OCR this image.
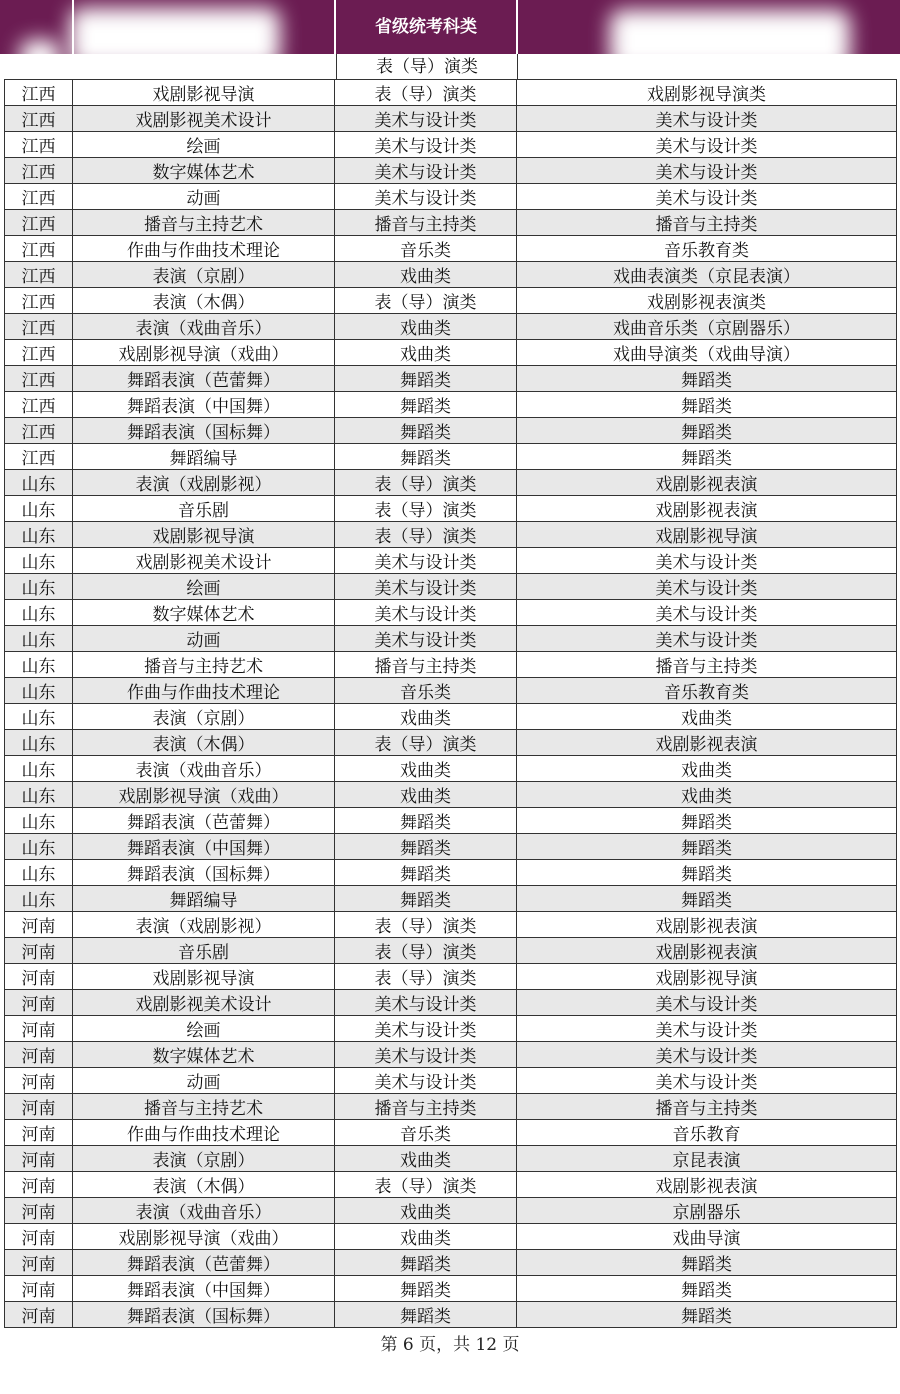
省级统考科类
表（导）演类
江西	戏剧影视导演	表（导）演类	戏剧影视导演类
江西	戏剧影视美术设计	美术与设计类	美术与设计类
江西	绘画	美术与设计类	美术与设计类
江西	数字媒体艺术	美术与设计类	美术与设计类
江西	动画	美术与设计类	美术与设计类
江西	播音与主持艺术	播音与主持类	播音与主持类
江西	作曲与作曲技术理论	音乐类	音乐教育类
江西	表演（京剧）	戏曲类	戏曲表演类（京昆表演）
江西	表演（木偶）	表（导）演类	戏剧影视表演类
江西	表演（戏曲音乐）	戏曲类	戏曲音乐类（京剧器乐）
江西	戏剧影视导演（戏曲）	戏曲类	戏曲导演类（戏曲导演）
江西	舞蹈表演（芭蕾舞）	舞蹈类	舞蹈类
江西	舞蹈表演（中国舞）	舞蹈类	舞蹈类
江西	舞蹈表演（国标舞）	舞蹈类	舞蹈类
江西	舞蹈编导	舞蹈类	舞蹈类
山东	表演（戏剧影视）	表（导）演类	戏剧影视表演
山东	音乐剧	表（导）演类	戏剧影视表演
山东	戏剧影视导演	表（导）演类	戏剧影视导演
山东	戏剧影视美术设计	美术与设计类	美术与设计类
山东	绘画	美术与设计类	美术与设计类
山东	数字媒体艺术	美术与设计类	美术与设计类
山东	动画	美术与设计类	美术与设计类
山东	播音与主持艺术	播音与主持类	播音与主持类
山东	作曲与作曲技术理论	音乐类	音乐教育类
山东	表演（京剧）	戏曲类	戏曲类
山东	表演（木偶）	表（导）演类	戏剧影视表演
山东	表演（戏曲音乐）	戏曲类	戏曲类
山东	戏剧影视导演（戏曲）	戏曲类	戏曲类
山东	舞蹈表演（芭蕾舞）	舞蹈类	舞蹈类
山东	舞蹈表演（中国舞）	舞蹈类	舞蹈类
山东	舞蹈表演（国标舞）	舞蹈类	舞蹈类
山东	舞蹈编导	舞蹈类	舞蹈类
河南	表演（戏剧影视）	表（导）演类	戏剧影视表演
河南	音乐剧	表（导）演类	戏剧影视表演
河南	戏剧影视导演	表（导）演类	戏剧影视导演
河南	戏剧影视美术设计	美术与设计类	美术与设计类
河南	绘画	美术与设计类	美术与设计类
河南	数字媒体艺术	美术与设计类	美术与设计类
河南	动画	美术与设计类	美术与设计类
河南	播音与主持艺术	播音与主持类	播音与主持类
河南	作曲与作曲技术理论	音乐类	音乐教育
河南	表演（京剧）	戏曲类	京昆表演
河南	表演（木偶）	表（导）演类	戏剧影视表演
河南	表演（戏曲音乐）	戏曲类	京剧器乐
河南	戏剧影视导演（戏曲）	戏曲类	戏曲导演
河南	舞蹈表演（芭蕾舞）	舞蹈类	舞蹈类
河南	舞蹈表演（中国舞）	舞蹈类	舞蹈类
河南	舞蹈表演（国标舞）	舞蹈类	舞蹈类
第 6 页，共 12 页
